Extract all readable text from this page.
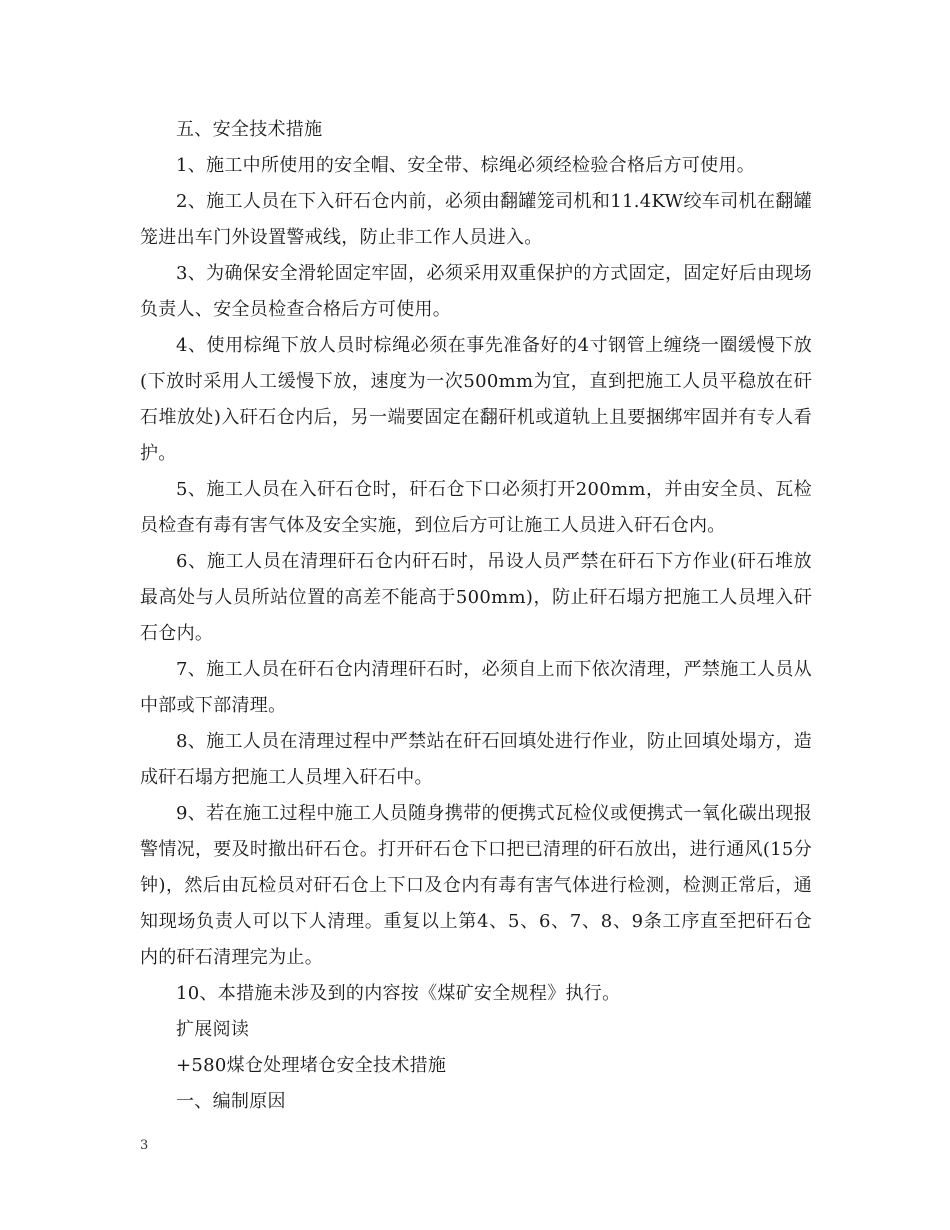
五、安全技术措施

1、施工中所使用的安全帽、安全带、棕绳必须经检验合格后方可使用。

2、施工人员在下入矸石仓内前，必须由翻罐笼司机和11.4KW绞车司机在翻罐笼进出车门外设置警戒线，防止非工作人员进入。

3、为确保安全滑轮固定牢固，必须采用双重保护的方式固定，固定好后由现场负责人、安全员检查合格后方可使用。

4、使用棕绳下放人员时棕绳必须在事先准备好的4寸钢管上缠绕一圈缓慢下放(下放时采用人工缓慢下放，速度为一次500mm为宜，直到把施工人员平稳放在矸石堆放处)入矸石仓内后，另一端要固定在翻矸机或道轨上且要捆绑牢固并有专人看护。

5、施工人员在入矸石仓时，矸石仓下口必须打开200mm，并由安全员、瓦检员检查有毒有害气体及安全实施，到位后方可让施工人员进入矸石仓内。

6、施工人员在清理矸石仓内矸石时，吊设人员严禁在矸石下方作业(矸石堆放最高处与人员所站位置的高差不能高于500mm)，防止矸石塌方把施工人员埋入矸石仓内。

7、施工人员在矸石仓内清理矸石时，必须自上而下依次清理，严禁施工人员从中部或下部清理。

8、施工人员在清理过程中严禁站在矸石回填处进行作业，防止回填处塌方，造成矸石塌方把施工人员埋入矸石中。

9、若在施工过程中施工人员随身携带的便携式瓦检仪或便携式一氧化碳出现报警情况，要及时撤出矸石仓。打开矸石仓下口把已清理的矸石放出，进行通风(15分钟)，然后由瓦检员对矸石仓上下口及仓内有毒有害气体进行检测，检测正常后，通知现场负责人可以下人清理。重复以上第4、5、6、7、8、9条工序直至把矸石仓内的矸石清理完为止。

10、本措施未涉及到的内容按《煤矿安全规程》执行。

扩展阅读

+580煤仓处理堵仓安全技术措施

一、编制原因

3
